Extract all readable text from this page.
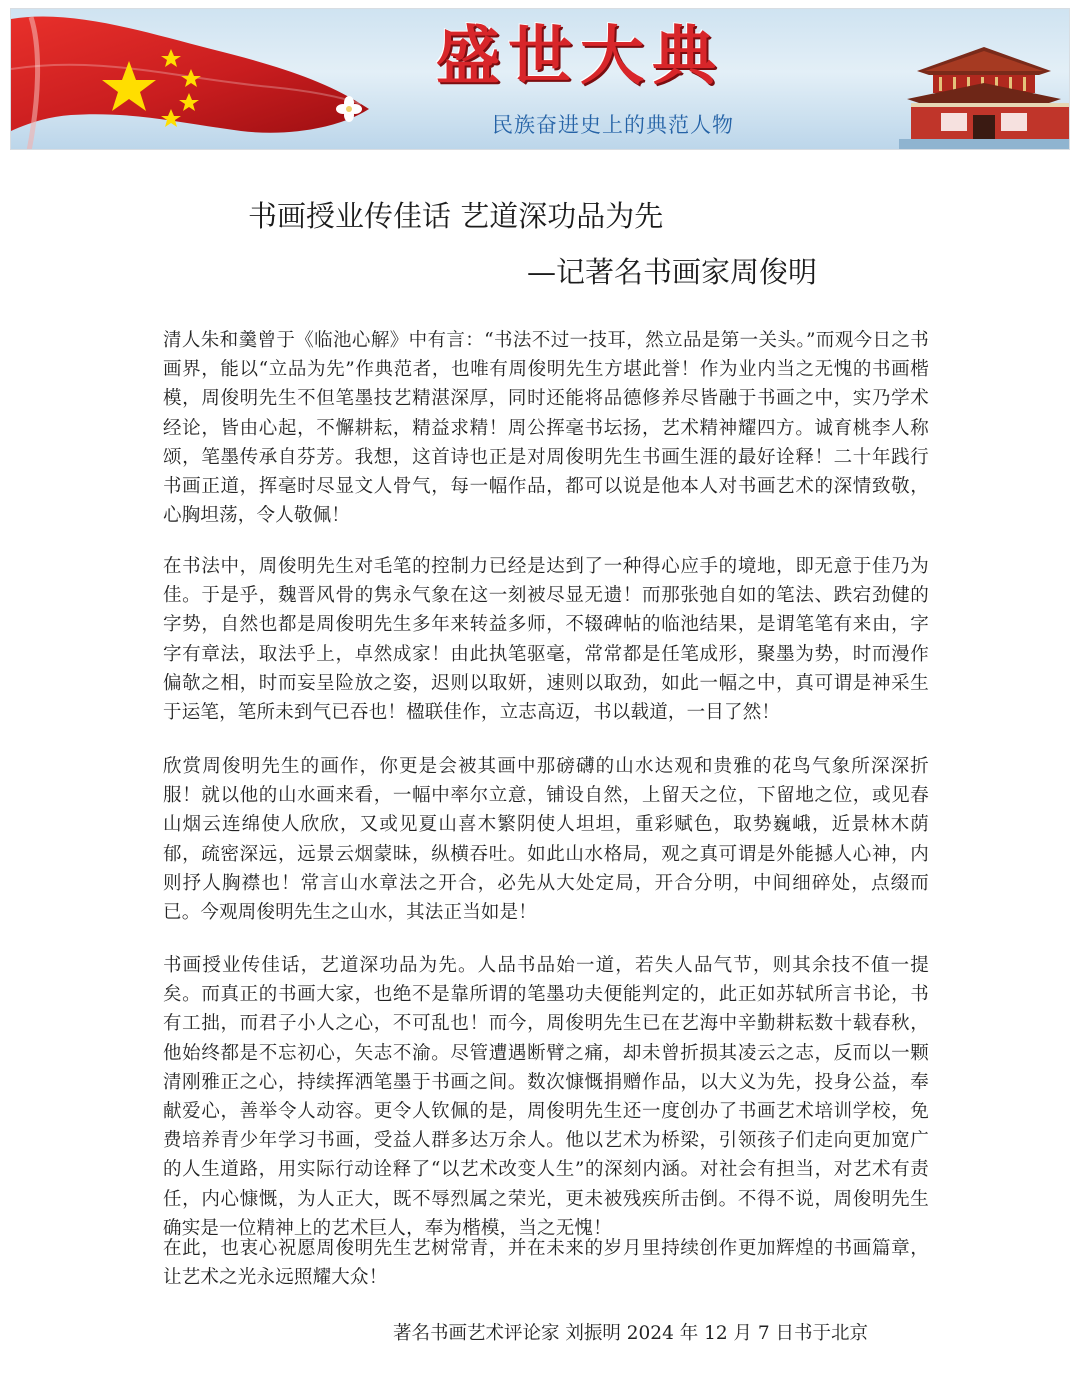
盛世大典
民族奋进史上的典范人物
书画授业传佳话 艺道深功品为先
—记著名书画家周俊明

清人朱和羹曾于《临池心解》中有言：“书法不过一技耳，然立品是第一关头。”而观今日之书画界，能以“立品为先”作典范者，也唯有周俊明先生方堪此誉！作为业内当之无愧的书画楷模，周俊明先生不但笔墨技艺精湛深厚，同时还能将品德修养尽皆融于书画之中，实乃学术经论，皆由心起，不懈耕耘，精益求精！周公挥毫书坛扬，艺术精神耀四方。诚育桃李人称颂，笔墨传承自芬芳。我想，这首诗也正是对周俊明先生书画生涯的最好诠释！二十年践行书画正道，挥毫时尽显文人骨气，每一幅作品，都可以说是他本人对书画艺术的深情致敬，心胸坦荡，令人敬佩！

在书法中，周俊明先生对毛笔的控制力已经是达到了一种得心应手的境地，即无意于佳乃为佳。于是乎，魏晋风骨的隽永气象在这一刻被尽显无遗！而那张弛自如的笔法、跌宕劲健的字势，自然也都是周俊明先生多年来转益多师，不辍碑帖的临池结果，是谓笔笔有来由，字字有章法，取法乎上，卓然成家！由此执笔驱毫，常常都是任笔成形，聚墨为势，时而漫作偏欹之相，时而妄呈险放之姿，迟则以取妍，速则以取劲，如此一幅之中，真可谓是神采生于运笔，笔所未到气已吞也！楹联佳作，立志高迈，书以载道，一目了然！

欣赏周俊明先生的画作，你更是会被其画中那磅礴的山水达观和贵雅的花鸟气象所深深折服！就以他的山水画来看，一幅中率尔立意，铺设自然，上留天之位，下留地之位，或见春山烟云连绵使人欣欣，又或见夏山喜木繁阴使人坦坦，重彩赋色，取势巍峨，近景林木荫郁，疏密深远，远景云烟蒙昧，纵横吞吐。如此山水格局，观之真可谓是外能撼人心神，内则抒人胸襟也！常言山水章法之开合，必先从大处定局，开合分明，中间细碎处，点缀而已。今观周俊明先生之山水，其法正当如是！

书画授业传佳话，艺道深功品为先。人品书品始一道，若失人品气节，则其余技不值一提矣。而真正的书画大家，也绝不是靠所谓的笔墨功夫便能判定的，此正如苏轼所言书论，书有工拙，而君子小人之心，不可乱也！而今，周俊明先生已在艺海中辛勤耕耘数十载春秋，他始终都是不忘初心，矢志不渝。尽管遭遇断臂之痛，却未曾折损其凌云之志，反而以一颗清刚雅正之心，持续挥洒笔墨于书画之间。数次慷慨捐赠作品，以大义为先，投身公益，奉献爱心，善举令人动容。更令人钦佩的是，周俊明先生还一度创办了书画艺术培训学校，免费培养青少年学习书画，受益人群多达万余人。他以艺术为桥梁，引领孩子们走向更加宽广的人生道路，用实际行动诠释了“以艺术改变人生”的深刻内涵。对社会有担当，对艺术有责任，内心慷慨，为人正大，既不辱烈属之荣光，更未被残疾所击倒。不得不说，周俊明先生确实是一位精神上的艺术巨人，奉为楷模，当之无愧！

在此，也衷心祝愿周俊明先生艺树常青，并在未来的岁月里持续创作更加辉煌的书画篇章，让艺术之光永远照耀大众！

著名书画艺术评论家 刘振明 2024 年 12 月 7 日书于北京
